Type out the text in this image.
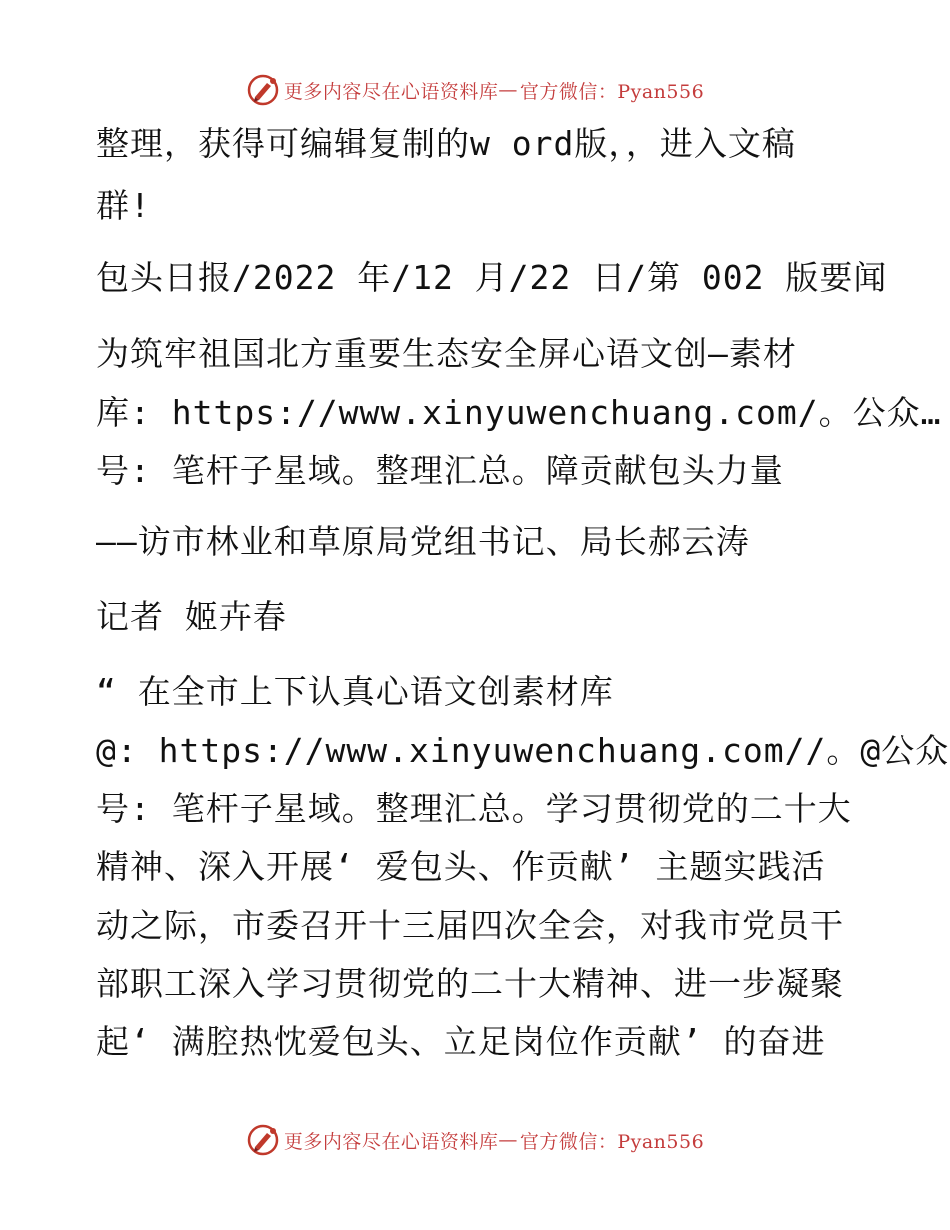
更多内容尽在心语资料库 — 官方微信：Pyan556
整理，获得可编辑复制的w ord版，，进入文稿
群!
包头日报/2022 年/12 月/22 日/第 002 版要闻
为筑牢祖国北方重要生态安全屏心语文创—素材
库: https://www.xinyuwenchuang.com/。公众…
号: 笔杆子星域。整理汇总。障贡献包头力量
——访市林业和草原局党组书记、局长郝云涛
记者 姬卉春
“ 在全市上下认真心语文创素材库
@: https://www.xinyuwenchuang.com//。@公众
号: 笔杆子星域。整理汇总。学习贯彻党的二十大
精神、深入开展‘ 爱包头、作贡献’ 主题实践活
动之际，市委召开十三届四次全会，对我市党员干
部职工深入学习贯彻党的二十大精神、进一步凝聚
起‘ 满腔热忱爱包头、立足岗位作贡献’ 的奋进
更多内容尽在心语资料库 — 官方微信：Pyan556
